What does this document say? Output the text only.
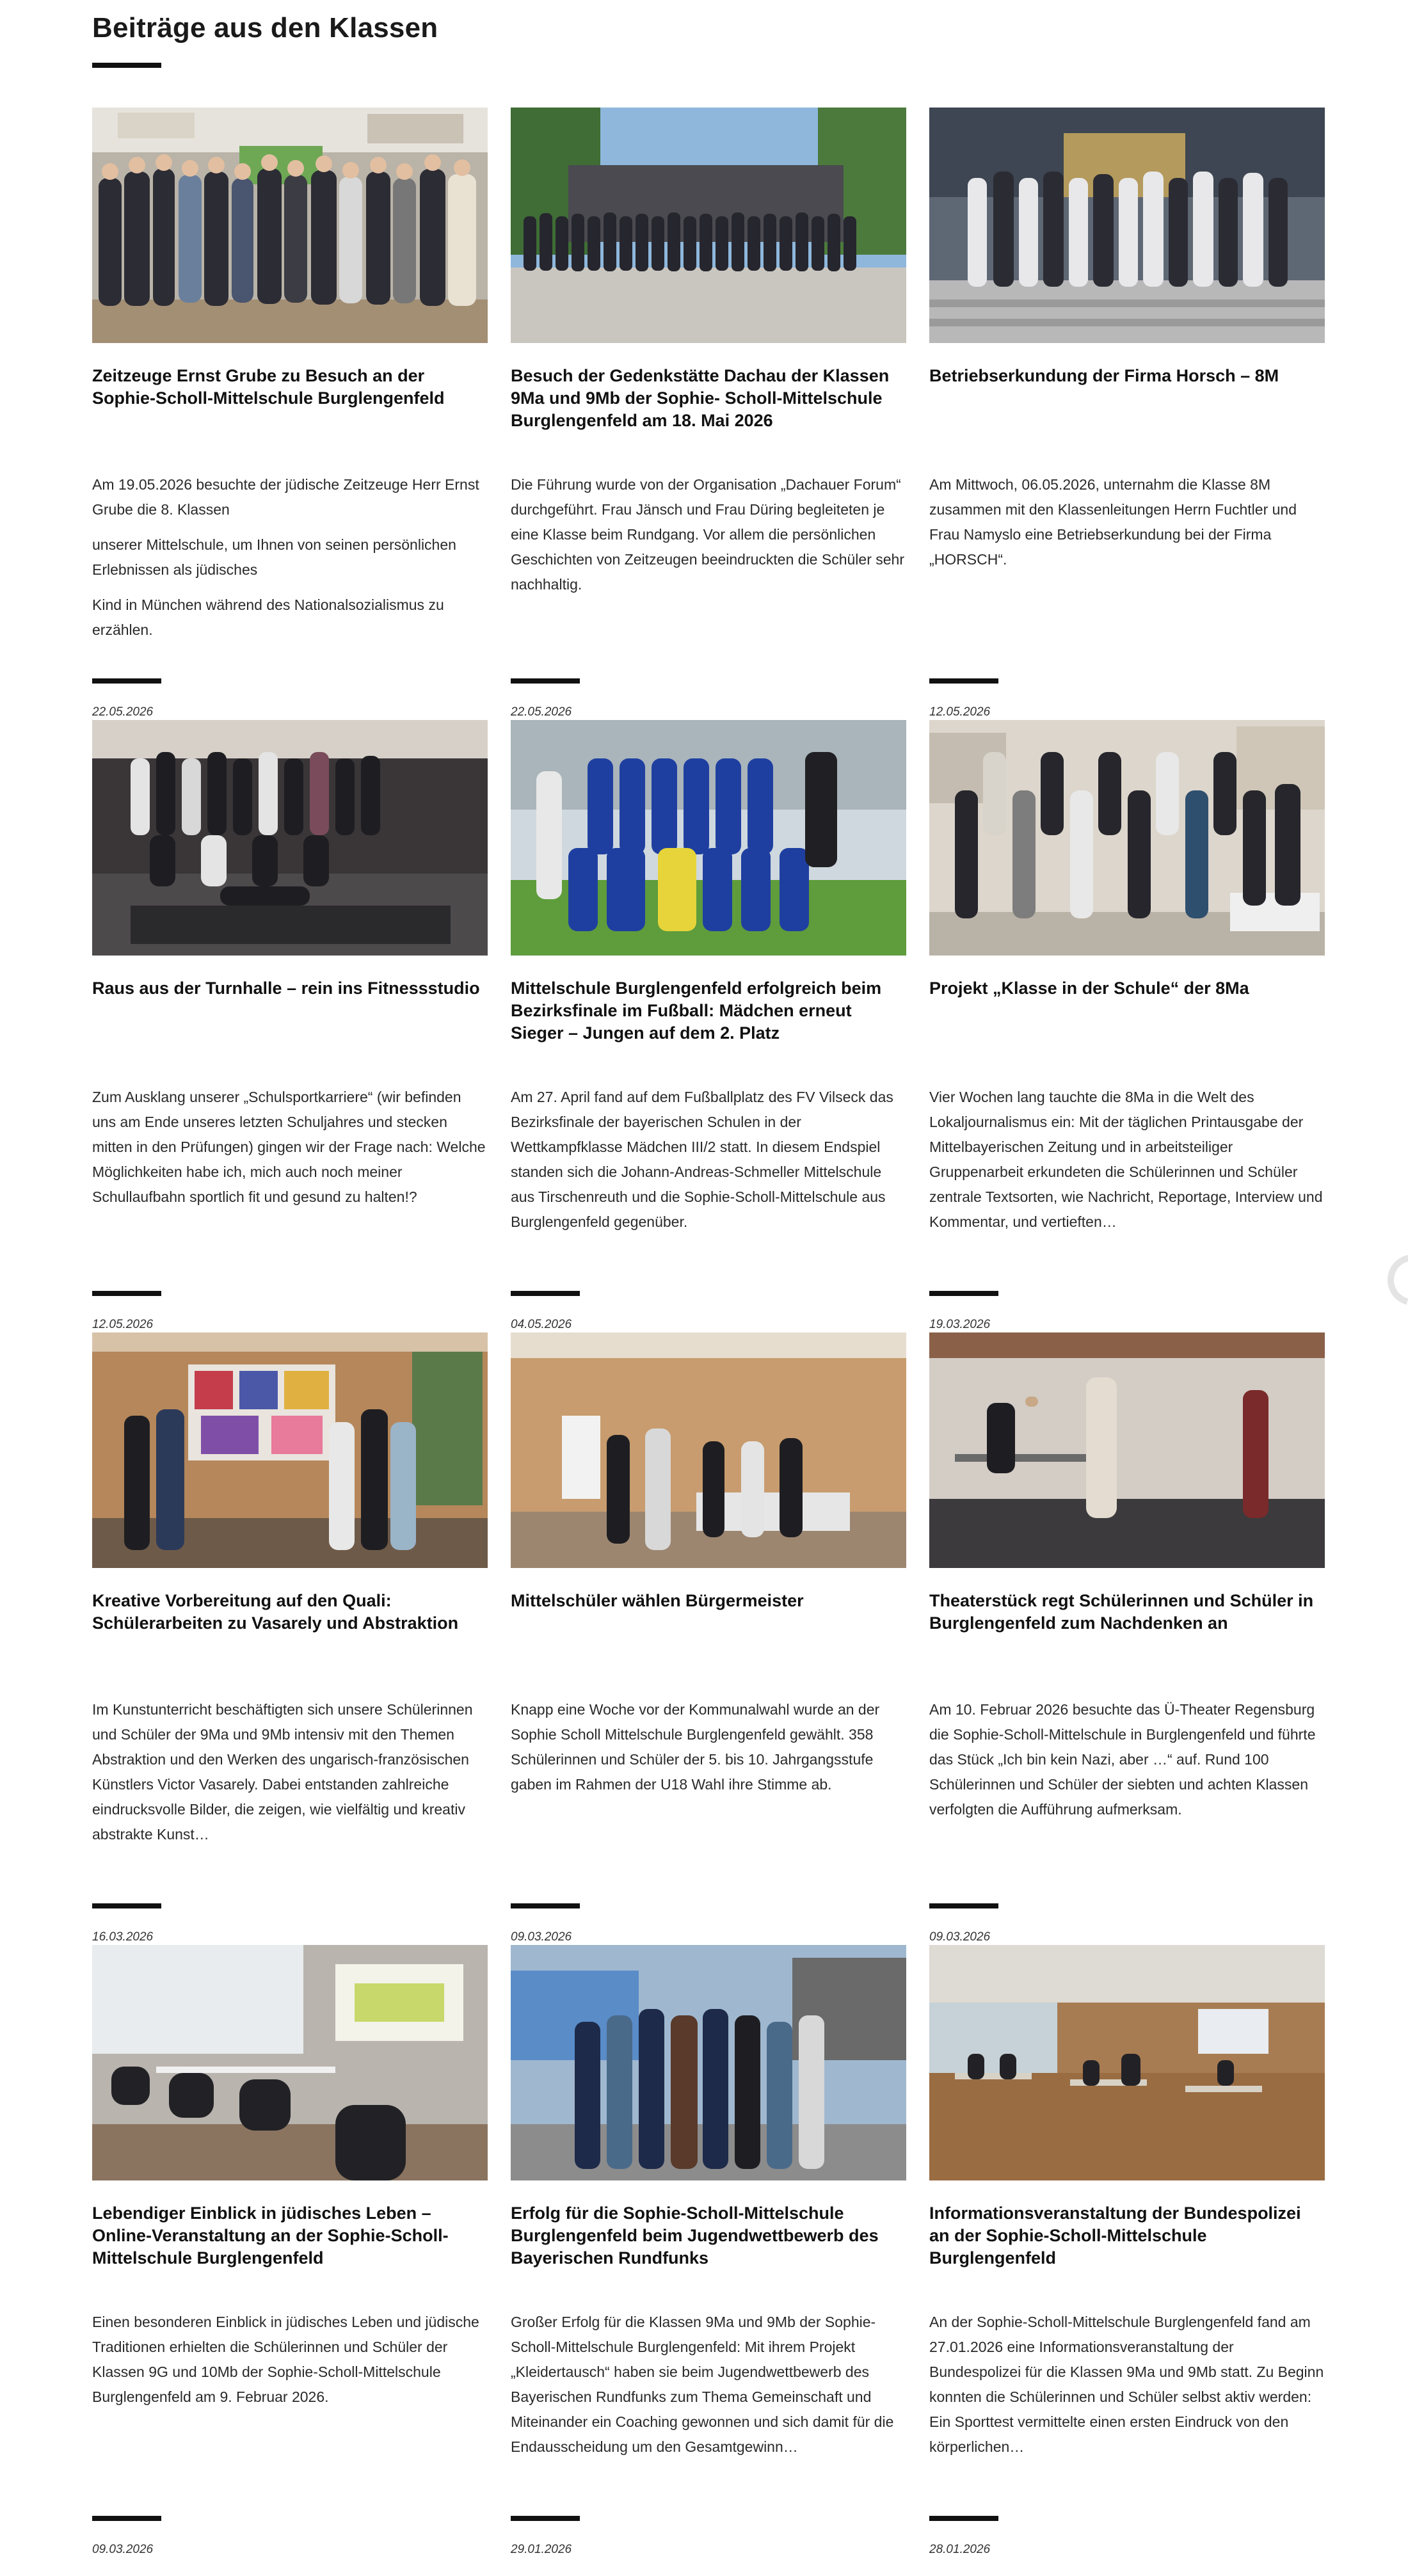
Beiträge aus den Klassen
Zeitzeuge Ernst Grube zu Besuch an der Sophie-Scholl-Mittelschule Burglengenfeld

Am 19.05.2026 besuchte der jüdische Zeitzeuge Herr Ernst Grube die 8. Klassen

unserer Mittelschule, um Ihnen von seinen persönlichen Erlebnissen als jüdisches

Kind in München während des Nationalsozialismus zu erzählen.

22.05.2026
Besuch der Gedenkstätte Dachau der Klassen 9Ma und 9Mb der Sophie- Scholl-Mittelschule Burglengenfeld am 18. Mai 2026

Die Führung wurde von der Organisation „Dachauer Forum“ durchgeführt. Frau Jänsch und Frau Düring begleiteten je eine Klasse beim Rundgang. Vor allem die persönlichen Geschichten von Zeitzeugen beeindruckten die Schüler sehr nachhaltig.

22.05.2026
Betriebserkundung der Firma Horsch – 8M

Am Mittwoch, 06.05.2026, unternahm die Klasse 8M zusammen mit den Klassenleitungen Herrn Fuchtler und Frau Namyslo eine Betriebserkundung bei der Firma „HORSCH“.

12.05.2026
Raus aus der Turnhalle – rein ins Fitnessstudio

Zum Ausklang unserer „Schulsportkarriere“ (wir befinden uns am Ende unseres letzten Schuljahres und stecken mitten in den Prüfungen) gingen wir der Frage nach: Welche Möglichkeiten habe ich, mich auch noch meiner Schullaufbahn sportlich fit und gesund zu halten!?

12.05.2026
Mittelschule Burglengenfeld erfolgreich beim Bezirksfinale im Fußball: Mädchen erneut Sieger – Jungen auf dem 2. Platz

Am 27. April fand auf dem Fußballplatz des FV Vilseck das Bezirksfinale der bayerischen Schulen in der Wettkampfklasse Mädchen III/2 statt. In diesem Endspiel standen sich die Johann-Andreas-Schmeller Mittelschule aus Tirschenreuth und die Sophie-Scholl-Mittelschule aus Burglengenfeld gegenüber.

04.05.2026
Projekt „Klasse in der Schule“ der 8Ma

Vier Wochen lang tauchte die 8Ma in die Welt des Lokaljournalismus ein: Mit der täglichen Printausgabe der Mittelbayerischen Zeitung und in arbeitsteiliger Gruppenarbeit erkundeten die Schülerinnen und Schüler zentrale Textsorten, wie Nachricht, Reportage, Interview und Kommentar, und vertieften…

19.03.2026
Kreative Vorbereitung auf den Quali: Schülerarbeiten zu Vasarely und Abstraktion

Im Kunstunterricht beschäftigten sich unsere Schülerinnen und Schüler der 9Ma und 9Mb intensiv mit den Themen Abstraktion und den Werken des ungarisch-französischen Künstlers Victor Vasarely. Dabei entstanden zahlreiche eindrucksvolle Bilder, die zeigen, wie vielfältig und kreativ abstrakte Kunst…

16.03.2026
Mittelschüler wählen Bürgermeister

Knapp eine Woche vor der Kommunalwahl wurde an der Sophie Scholl Mittelschule Burglengenfeld gewählt. 358 Schülerinnen und Schüler der 5. bis 10. Jahrgangsstufe gaben im Rahmen der U18 Wahl ihre Stimme ab.

09.03.2026
Theaterstück regt Schülerinnen und Schüler in Burglengenfeld zum Nachdenken an

Am 10. Februar 2026 besuchte das Ü-Theater Regensburg die Sophie-Scholl-Mittelschule in Burglengenfeld und führte das Stück „Ich bin kein Nazi, aber …“ auf. Rund 100 Schülerinnen und Schüler der siebten und achten Klassen verfolgten die Aufführung aufmerksam.

09.03.2026
Lebendiger Einblick in jüdisches Leben – Online-Veranstaltung an der Sophie-Scholl-Mittelschule Burglengenfeld

Einen besonderen Einblick in jüdisches Leben und jüdische Traditionen erhielten die Schülerinnen und Schüler der Klassen 9G und 10Mb der Sophie-Scholl-Mittelschule Burglengenfeld am 9. Februar 2026.

09.03.2026
Erfolg für die Sophie-Scholl-Mittelschule Burglengenfeld beim Jugendwettbewerb des Bayerischen Rundfunks

Großer Erfolg für die Klassen 9Ma und 9Mb der Sophie-Scholl-Mittelschule Burglengenfeld: Mit ihrem Projekt „Kleidertausch“ haben sie beim Jugendwettbewerb des Bayerischen Rundfunks zum Thema Gemeinschaft und Miteinander ein Coaching gewonnen und sich damit für die Endausscheidung um den Gesamtgewinn…

29.01.2026
Informationsveranstaltung der Bundespolizei an der Sophie-Scholl-Mittelschule Burglengenfeld

An der Sophie-Scholl-Mittelschule Burglengenfeld fand am 27.01.2026 eine Informationsveranstaltung der Bundespolizei für die Klassen 9Ma und 9Mb statt. Zu Beginn konnten die Schülerinnen und Schüler selbst aktiv werden: Ein Sporttest vermittelte einen ersten Eindruck von den körperlichen…

28.01.2026
